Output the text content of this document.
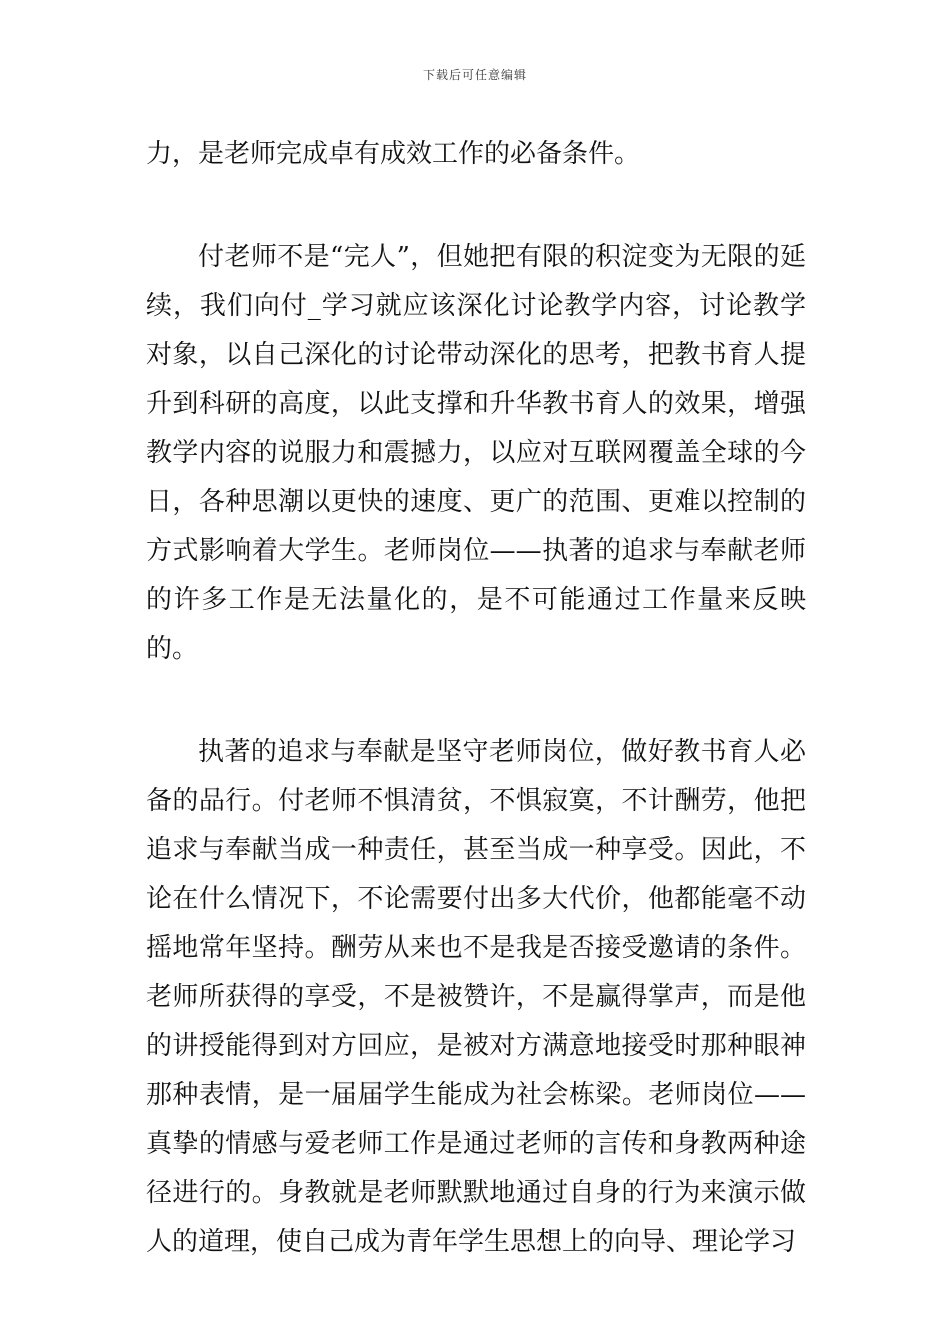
下载后可任意编辑

力，是老师完成卓有成效工作的必备条件。

付老师不是“完人”，但她把有限的积淀变为无限的延续，我们向付_学习就应该深化讨论教学内容，讨论教学对象，以自己深化的讨论带动深化的思考，把教书育人提升到科研的高度，以此支撑和升华教书育人的效果，增强教学内容的说服力和震撼力，以应对互联网覆盖全球的今日，各种思潮以更快的速度、更广的范围、更难以控制的方式影响着大学生。老师岗位——执著的追求与奉献老师的许多工作是无法量化的，是不可能通过工作量来反映的。

执著的追求与奉献是坚守老师岗位，做好教书育人必备的品行。付老师不惧清贫，不惧寂寞，不计酬劳，他把追求与奉献当成一种责任，甚至当成一种享受。因此，不论在什么情况下，不论需要付出多大代价，他都能毫不动摇地常年坚持。酬劳从来也不是我是否接受邀请的条件。老师所获得的享受，不是被赞许，不是赢得掌声，而是他的讲授能得到对方回应，是被对方满意地接受时那种眼神那种表情，是一届届学生能成为社会栋梁。老师岗位——真挚的情感与爱老师工作是通过老师的言传和身教两种途径进行的。身教就是老师默默地通过自身的行为来演示做人的道理，使自己成为青年学生思想上的向导、理论学习
